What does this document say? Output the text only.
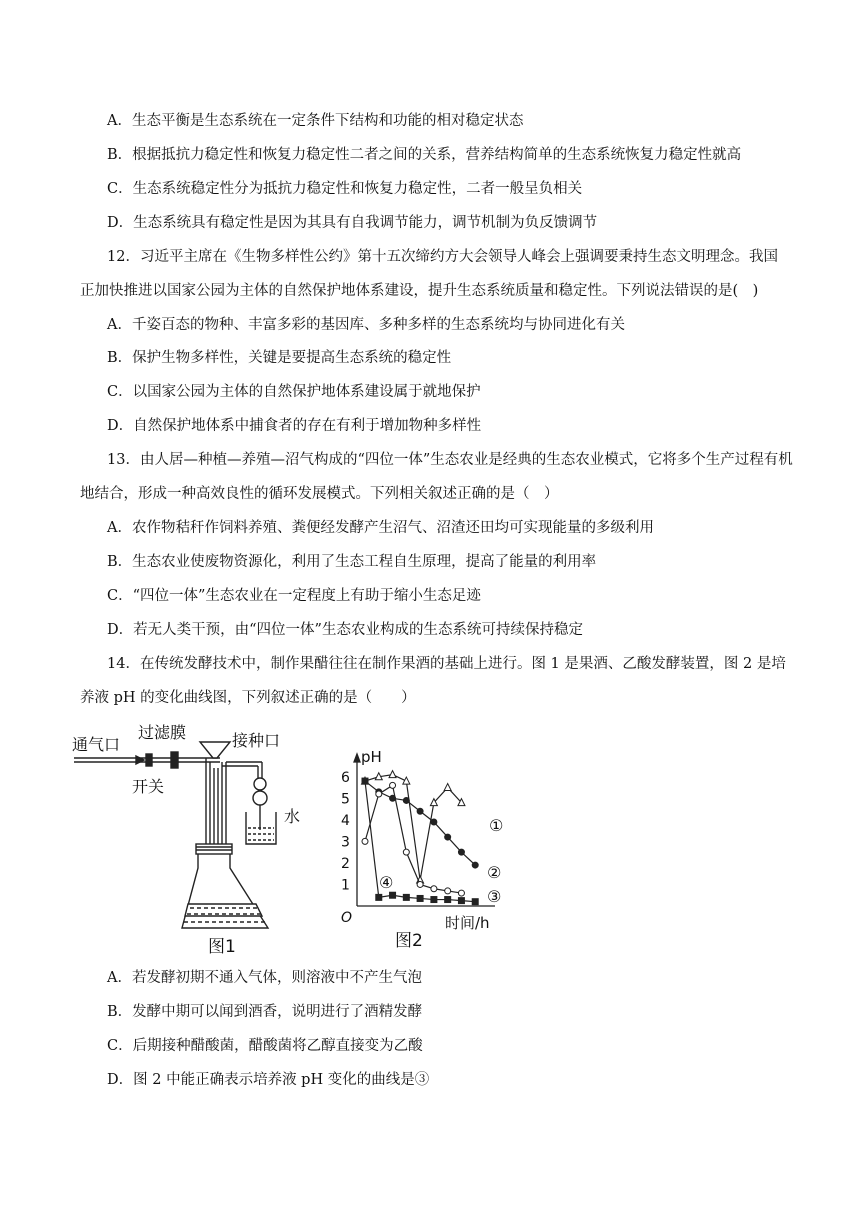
A．生态平衡是生态系统在一定条件下结构和功能的相对稳定状态
B．根据抵抗力稳定性和恢复力稳定性二者之间的关系，营养结构简单的生态系统恢复力稳定性就高
C．生态系统稳定性分为抵抗力稳定性和恢复力稳定性，二者一般呈负相关
D．生态系统具有稳定性是因为其具有自我调节能力，调节机制为负反馈调节
12．习近平主席在《生物多样性公约》第十五次缔约方大会领导人峰会上强调要秉持生态文明理念。我国
正加快推进以国家公园为主体的自然保护地体系建设，提升生态系统质量和稳定性。下列说法错误的是(　)
A．千姿百态的物种、丰富多彩的基因库、多种多样的生态系统均与协同进化有关
B．保护生物多样性，关键是要提高生态系统的稳定性
C．以国家公园为主体的自然保护地体系建设属于就地保护
D．自然保护地体系中捕食者的存在有利于增加物种多样性
13．由人居—种植—养殖—沼气构成的“四位一体”生态农业是经典的生态农业模式，它将多个生产过程有机
地结合，形成一种高效良性的循环发展模式。下列相关叙述正确的是（　）
A．农作物秸秆作饲料养殖、粪便经发酵产生沼气、沼渣还田均可实现能量的多级利用
B．生态农业使废物资源化，利用了生态工程自生原理，提高了能量的利用率
C．“四位一体”生态农业在一定程度上有助于缩小生态足迹
D．若无人类干预，由“四位一体”生态农业构成的生态系统可持续保持稳定
14．在传统发酵技术中，制作果醋往往在制作果酒的基础上进行。图 1 是果酒、乙酸发酵装置，图 2 是培
养液 pH 的变化曲线图，下列叙述正确的是（　　）
过滤膜
通气口	接种口
开关
水
图1
pH
时间/h
O
1
2
3
4
5
6
①
②
③
④
图2
A．若发酵初期不通入气体，则溶液中不产生气泡
B．发酵中期可以闻到酒香，说明进行了酒精发酵
C．后期接种醋酸菌，醋酸菌将乙醇直接变为乙酸
D．图 2 中能正确表示培养液 pH 变化的曲线是③
